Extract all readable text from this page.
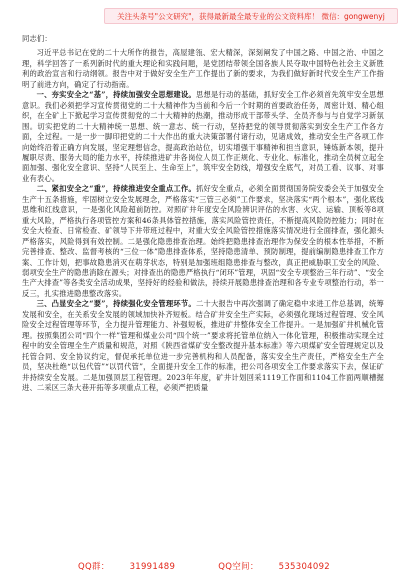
关注头条号"公文研究"，获得最新最全最专业的公文资料库！ 微信：gongwenyj

同志们：

习近平总书记在党的二十大所作的报告，高屋建瓴、宏大精深，深刻阐发了中国之路、中国之治、中国之理，科学回答了一系列新时代的重大理论和实践问题，是党团结带领全国各族人民夺取中国特色社会主义新胜利的政治宣言和行动纲领。报告中对于做好安全生产工作提出了新的要求，为我们做好新时代安全生产工作指明了前进方向，确定了行动指南。

一、夯实安全之“基”，持续加强安全思想建设。思想是行动的基础，抓好安全工作必须首先筑牢安全思想意识。我们必须把学习宣传贯彻党的二十大精神作为当前和今后一个时期的首要政治任务，周密计划、精心组织，在全矿上下掀起学习宣传贯彻党的二十大精神的热潮，推动形成干部带头学、全员齐参与与自觉学习新氛围。切实把党的二十大精神统一思想、统一意志、统一行动，坚持把党的领导贯彻落实到安全生产工作各方面，全过程。一是一步一脚印把党的二十大作出的重大决策部署付诸行动，见诸成效，推动安全生产各项工作向始终沿着正确方向发展，坚定理想信念，提高政治站位，切实增强干事精神和担当意识，锤炼新本领，提升履职尽责、服务大局的能力水平，持续推进矿井各岗位人员工作正规化、专业化、标准化，推动全员树立起全面加强、强化安全意识、坚持“人民至上、生命至上”，筑牢安全防线，增强安全底气，对员工看、议事、对事业有表心。

二、紧扣安全之“重”，持续推进安全重点工作。抓好安全重点，必须全面贯彻国务院安委会关于加强安全生产十五条措施，牢固树立安全发展理念，严格落实“三管三必须”工作要求，坚决落实“两个根本”，强化底线思维和红线意识，一是强化风险超前防控。对照矿井年度安全风险辨识评估的水害、火灾、运输、顶板等8项重大风险，严格执行各项管控方案和46条具体管控措施，落实风险管控责任，不断提高风险防控能力；同时在安全大检查、日常检查、矿领导下井带班过程中，对重大安全风险管控措施落实情况进行全面排查，强化源头严格落实，风险得到有效控制。二是强化隐患排查治理。始终把隐患排查治理作为保安全的根本性举措，不断完善排查、整改、监督考核的“三位一体”隐患排查体系，坚持隐患清单、预防制理，提前编制隐患排查工作方案、工作计划，把事故隐患消灭在萌芽状态，特别是加强班组隐患排查与整改，真正把威胁职工安全的风险、弱项安全生产的隐患消除在源头；对排查出的隐患严格执行“闭环”管理，巩固“安全专项整治三年行动”、“安全生产大排查”等各类安全活动成果，坚持好的经验和做法，持续开展隐患排查治理和各专业专项整治行动，举一反三，扎实推进隐患整改落实。

三、凸显安全之“要”，持续强化安全管理环节。二十大报告中再次强调了确定稳中求进工作总基调，统筹发展和安全，在关系安全发展的领域加快补齐短板。结合矿井安全生产实际，必须强化现场过程管理、安全风险安全过程管理等环节，全力提升管理能力、补强短板，推进矿井整体安全工作提升。一是加强矿井机械化管理。按照集团公司“四个一样”管理和煤业公司“四个统一”要求将托管单位纳入一体化管理，积极推动实现全过程中的安全管理全生产质量和规范，对照《陕西省煤矿安全整改提升基本标准》等六项煤矿安全管理规定以及托管合同、安全协议约定，督促承托单位进一步完善机构和人员配备，落实安全生产责任，严格安全生产全员，坚决杜绝“以包代管”“以罚代管”，全面提升安全工作的标准，把公司各项安全工作要求落实下去，保证矿井持续安全发展。二是加强顶层工程管理。2023年年度，矿井计划回采1119工作面和1104工作面两顺槽掘进、二采区三条大巷开拓等多项重点工程，必须严把质量

QQ群： 31991489	QQ空间： 535304092
